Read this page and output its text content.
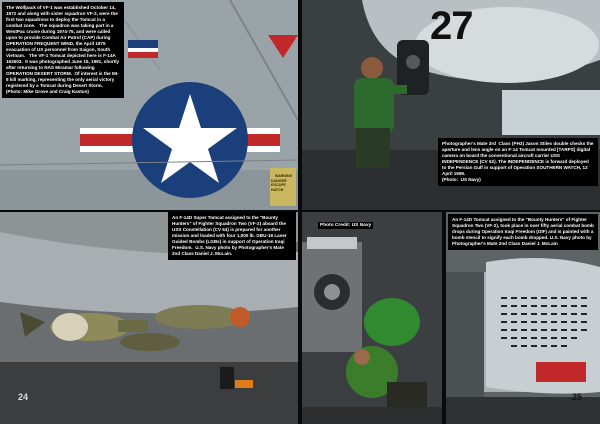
The Wolfpack of VF-1 was established October 14, 1972 and along with sister squadron VF-2, were the first two squadrons to deploy the Tomcat in a combat zone.   The squadron was taking part in a WestPac cruise during 1974-75, and were called upon to provide Combat Air Patrol (CAP) during OPERATION FREQUENT WIND, the April 1975 evacuation of US personnel from Saigon, South Vietnam.   The VF-1 Tomcat depicted here is F-14A 162603.  It was photographed June 15, 1991, shortly after returning to NAS Miramar following OPERATION DESERT STORM.  Of interest is the MI-8 kill marking, representing the only aerial victory registered by a Tomcat during Desert Storm.
(Photo: Mike Grove and Craig Kaston)

WARNING
DANGER
ESCAPE
HATCH

27

Photographer's Mate 3rd  Class (PH3) Jason Stiles double checks the aperture and lens angle on an F-14 Tomcat mounted [TARPS] digital camera on board the conventional aircraft carrier USS INDEPENDENCE (CV 62). The INDEPENDENCE is forward deployed to the Persian Gulf in support of Operation SOUTHERN WATCH, 12 April 1998.
(Photo:  US Navy)

An F-14D Super Tomcat assigned to the "Bounty Hunters" of Fighter Squadron Two (VF-2) aboard the USS Constellation (CV 64) is prepared for another mission and loaded with four 1,000 lb. GBU-16 Laser Guided Bombs (LGBs) in support of Operation Iraqi Freedom.  U.S. Navy photo by Photographer's Mate 2nd Class Daniel J. McLain.

24
Photo Credit: US Navy

An F-14D Tomcat assigned to the "Bounty Hunters" of Fighter Squadron Two (VF-2), took place in over fifty aerial combat bomb drops during Operation Iraqi Freedom (OIF) and is painted with a bomb stencil to signify each bomb dropped. U.S. Navy photo by Photographer's Mate 2nd Class Daniel J. McLain

25
